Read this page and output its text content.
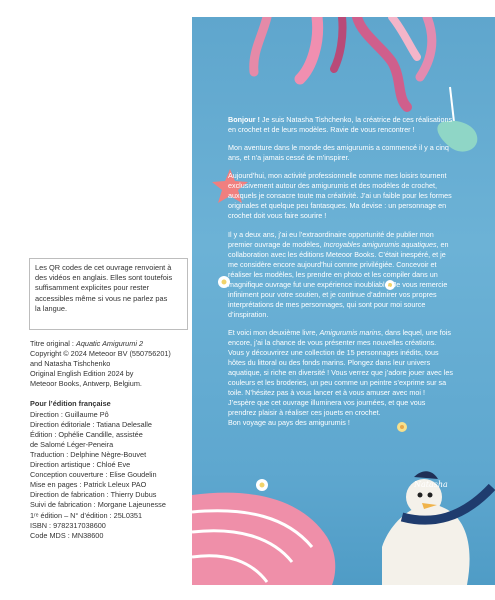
Les QR codes de cet ouvrage renvoient à
des vidéos en anglais. Elles sont toutefois
suffisamment explicites pour rester
accessibles même si vous ne parlez pas
la langue.

Titre original : Aquatic Amigurumi 2

Copyright © 2024 Meteoor BV (550756201)

and Natasha Tishchenko

Original English Edition 2024 by

Meteoor Books, Antwerp, Belgium.

Pour l’édition française

Direction : Guillaume Pô

Direction éditoriale : Tatiana Delesalle

Édition : Ophélie Candille, assistée

de Salomé Léger-Peneira

Traduction : Delphine Nègre-Bouvet

Direction artistique : Chloé Eve

Conception couverture : Elise Goudelin

Mise en pages : Patrick Leleux PAO

Direction de fabrication : Thierry Dubus

Suivi de fabrication : Morgane Lajeunesse

1ʳᵉ édition – N° d’édition : 25L0351

ISBN : 9782317038600

Code MDS : MN38600

Bonjour ! Je suis Natasha Tishchenko, la créatrice de ces réalisations en crochet et de leurs modèles. Ravie de vous rencontrer !

Mon aventure dans le monde des amigurumis a commencé il y a cinq ans, et n’a jamais cessé de m’inspirer.

Aujourd’hui, mon activité professionnelle comme mes loisirs tournent exclusivement autour des amigurumis et des modèles de crochet, auxquels je consacre toute ma créativité. J’ai un faible pour les formes originales et quelque peu fantasques. Ma devise : un personnage en crochet doit vous faire sourire !

Il y a deux ans, j’ai eu l’extraordinaire opportunité de publier mon premier ouvrage de modèles, Incroyables amigurumis aquatiques, en collaboration avec les éditions Meteoor Books. C’était inespéré, et je me considère encore aujourd’hui comme privilégiée. Concevoir et réaliser les modèles, les prendre en photo et les compiler dans un magnifique ouvrage fut une expérience inoubliable. Je vous remercie infiniment pour votre soutien, et je continue d’admirer vos propres interprétations de mes personnages, qui sont pour moi source d’inspiration.

Et voici mon deuxième livre, Amigurumis marins, dans lequel, une fois encore, j’ai la chance de vous présenter mes nouvelles créations. Vous y découvrirez une collection de 15 personnages inédits, tous hôtes du littoral ou des fonds marins. Plongez dans leur univers aquatique, si riche en diversité ! Vous verrez que j’adore jouer avec les couleurs et les broderies, un peu comme un peintre s’exprime sur sa toile. N’hésitez pas à vous lancer et à vous amuser avec moi ! J’espère que cet ouvrage illuminera vos journées, et que vous prendrez plaisir à réaliser ces jouets en crochet.
Bon voyage au pays des amigurumis !

Natasha
